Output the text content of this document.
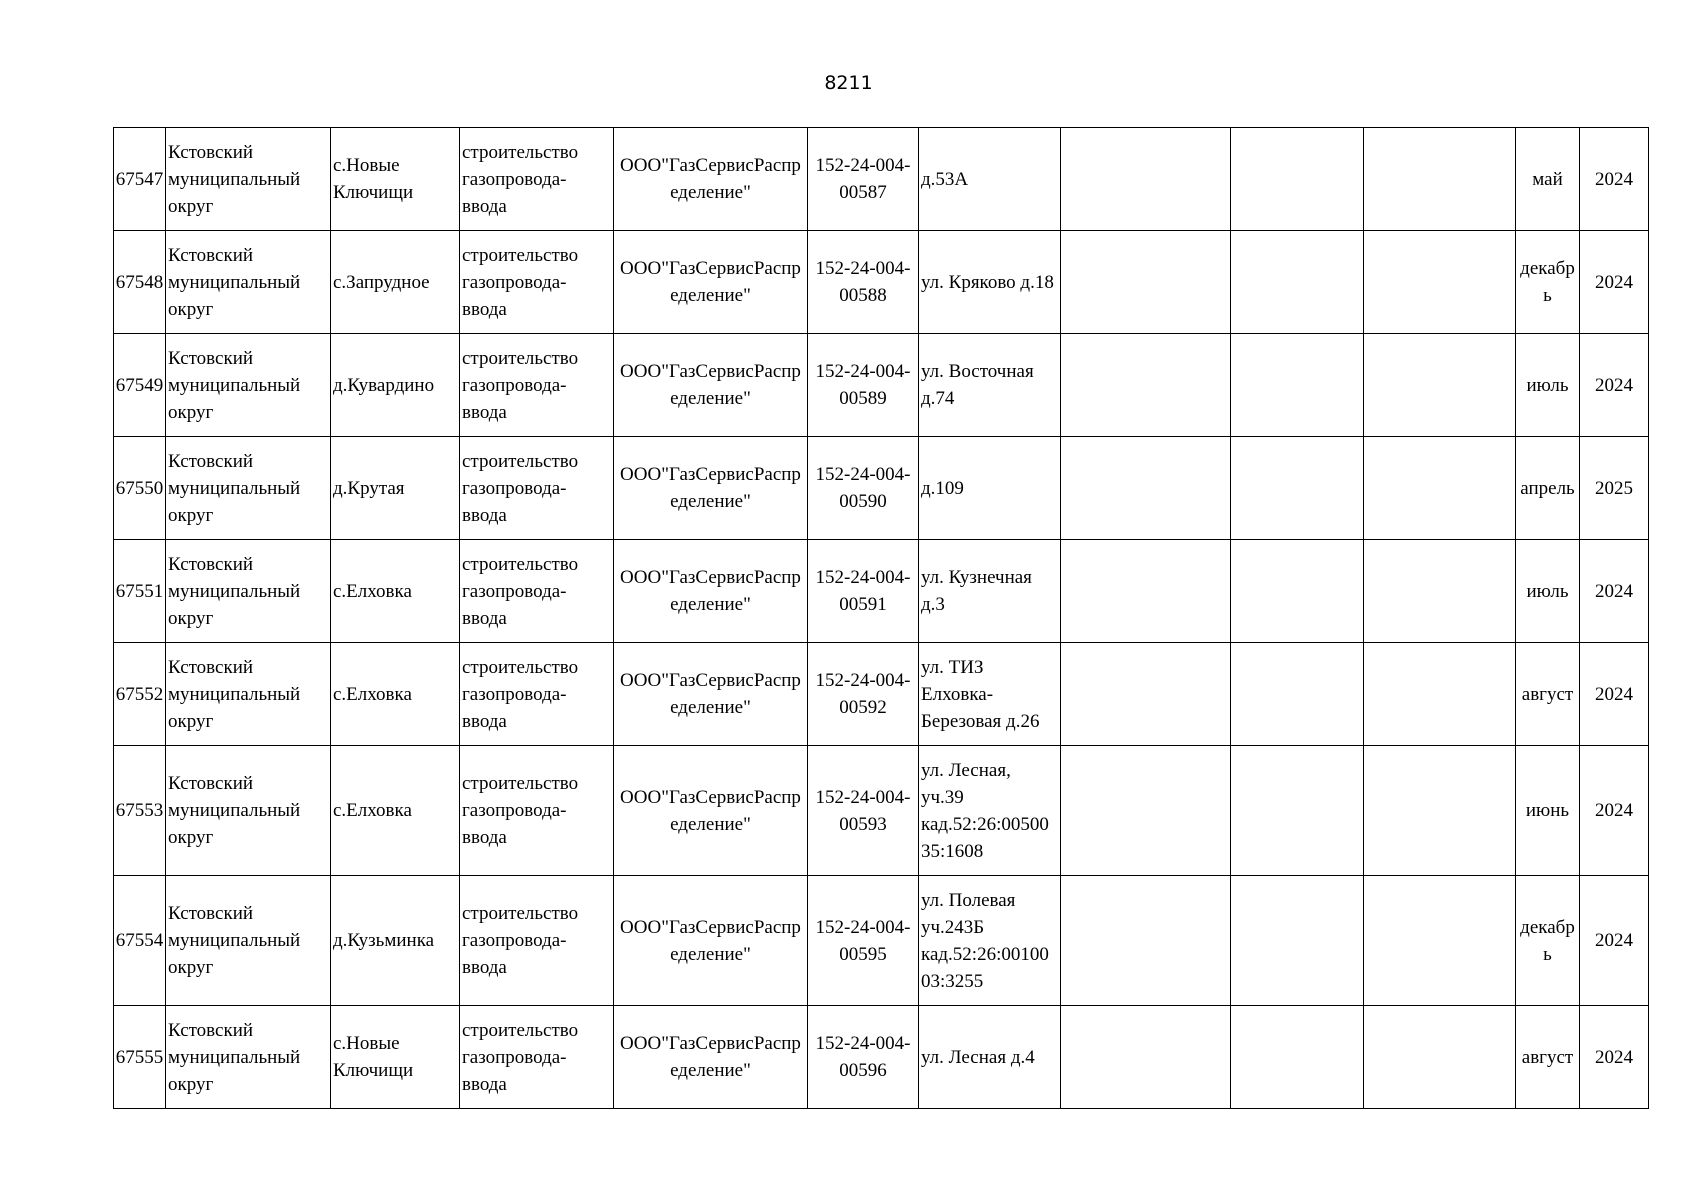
8211
67547	Кстовский муниципальный округ	с.Новые Ключищи	строительство газопровода-ввода	ООО"ГазСервисРаспределение"	152-24-004-00587	д.53А				май	2024
67548	Кстовский муниципальный округ	с.Запрудное	строительство газопровода-ввода	ООО"ГазСервисРаспределение"	152-24-004-00588	ул. Кряково д.18				декабрь	2024
67549	Кстовский муниципальный округ	д.Кувардино	строительство газопровода-ввода	ООО"ГазСервисРаспределение"	152-24-004-00589	ул. Восточная д.74				июль	2024
67550	Кстовский муниципальный округ	д.Крутая	строительство газопровода-ввода	ООО"ГазСервисРаспределение"	152-24-004-00590	д.109				апрель	2025
67551	Кстовский муниципальный округ	с.Елховка	строительство газопровода-ввода	ООО"ГазСервисРаспределение"	152-24-004-00591	ул. Кузнечная д.3				июль	2024
67552	Кстовский муниципальный округ	с.Елховка	строительство газопровода-ввода	ООО"ГазСервисРаспределение"	152-24-004-00592	ул. ТИЗ Елховка-Березовая д.26				август	2024
67553	Кстовский муниципальный округ	с.Елховка	строительство газопровода-ввода	ООО"ГазСервисРаспределение"	152-24-004-00593	ул. Лесная, уч.39 кад.52:26:0050035:1608				июнь	2024
67554	Кстовский муниципальный округ	д.Кузьминка	строительство газопровода-ввода	ООО"ГазСервисРаспределение"	152-24-004-00595	ул. Полевая уч.243Б кад.52:26:0010003:3255				декабрь	2024
67555	Кстовский муниципальный округ	с.Новые Ключищи	строительство газопровода-ввода	ООО"ГазСервисРаспределение"	152-24-004-00596	ул. Лесная д.4				август	2024
